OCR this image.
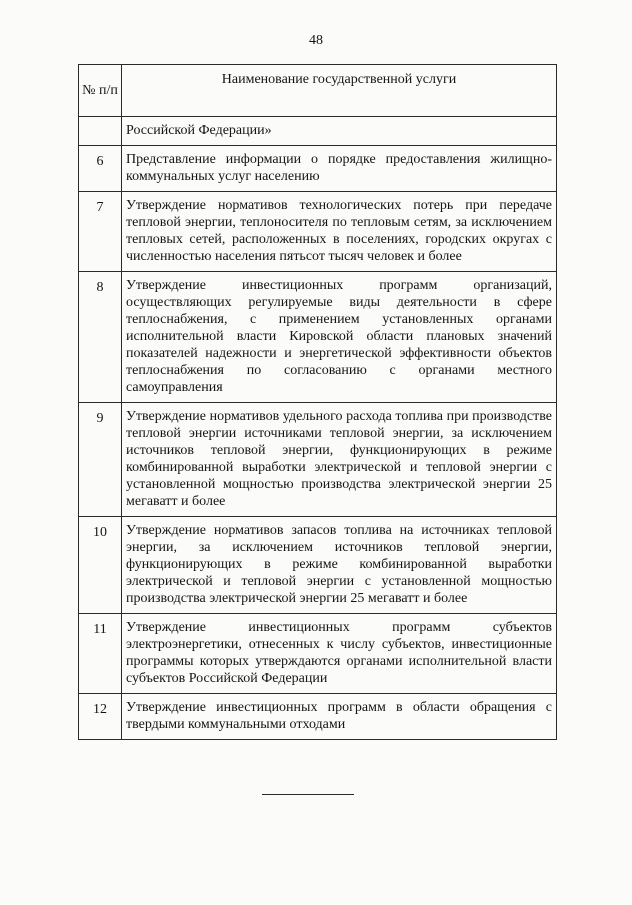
48
№ п/п	Наименование государственной услуги
	Российской Федерации»
6	Представление информации о порядке предоставления жилищно-коммунальных услуг населению
7	Утверждение нормативов технологических потерь при передаче тепловой энергии, теплоносителя по тепловым сетям, за исключением тепловых сетей, расположенных в поселениях, городских округах с численностью населения пятьсот тысяч человек и более
8	Утверждение инвестиционных программ организаций, осуществляющих регулируемые виды деятельности в сфере теплоснабжения, с применением установленных органами исполнительной власти Кировской области плановых значений показателей надежности и энергетической эффективности объектов теплоснабжения по согласованию с органами местного самоуправления
9	Утверждение нормативов удельного расхода топлива при производстве тепловой энергии источниками тепловой энергии, за исключением источников тепловой энергии, функционирующих в режиме комбинированной выработки электрической и тепловой энергии с установленной мощностью производства электрической энергии 25 мегаватт и более
10	Утверждение нормативов запасов топлива на источниках тепловой энергии, за исключением источников тепловой энергии, функционирующих в режиме комбинированной выработки электрической и тепловой энергии с установленной мощностью производства электрической энергии 25 мегаватт и более
11	Утверждение инвестиционных программ субъектов электроэнергетики, отнесенных к числу субъектов, инвестиционные программы которых утверждаются органами исполнительной власти субъектов Российской Федерации
12	Утверждение инвестиционных программ в области обращения с твердыми коммунальными отходами
